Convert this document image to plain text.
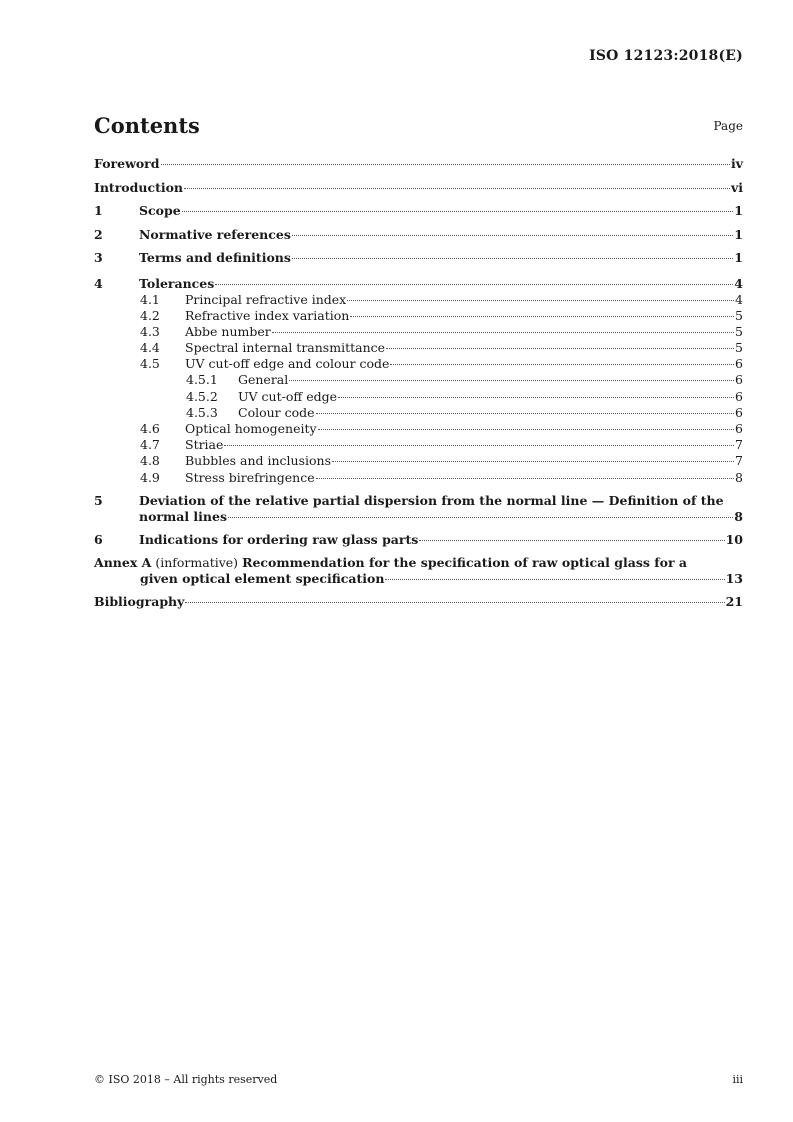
ISO 12123:2018(E)
Contents	Page
Foreword	iv
Introduction	vi
1	Scope	1
2	Normative references	1
3	Terms and definitions	1
4	Tolerances	4
4.1	Principal refractive index	4
4.2	Refractive index variation	5
4.3	Abbe number	5
4.4	Spectral internal transmittance	5
4.5	UV cut-off edge and colour code	6
4.5.1	General	6
4.5.2	UV cut-off edge	6
4.5.3	Colour code	6
4.6	Optical homogeneity	6
4.7	Striae	7
4.8	Bubbles and inclusions	7
4.9	Stress birefringence	8
5	Deviation of the relative partial dispersion from the normal line — Definition of the
normal lines	8
6	Indications for ordering raw glass parts	10
Annex A (informative) Recommendation for the specification of raw optical glass for a
given optical element specification	13
Bibliography	21
© ISO 2018 – All rights reserved	iii
